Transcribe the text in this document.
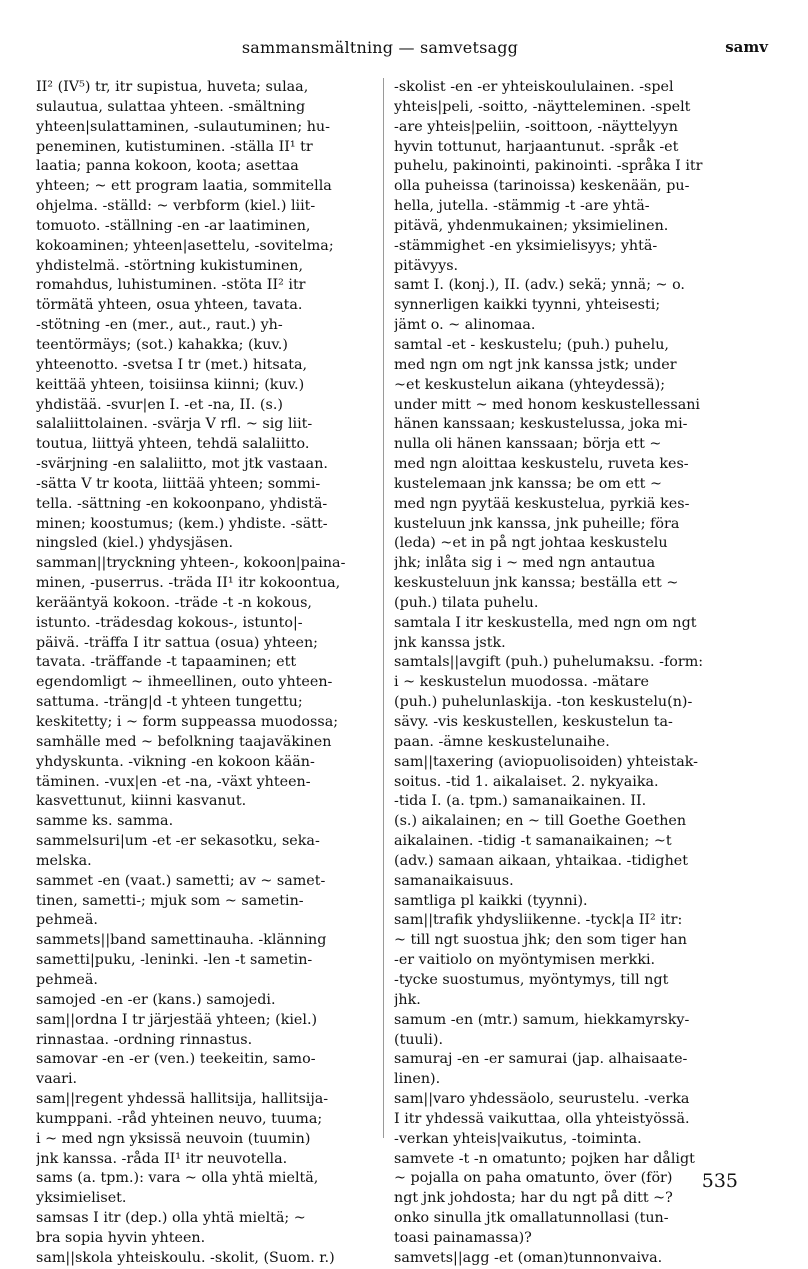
sammansmältning — samvetsagg	samv
II² (IV⁵) tr, itr supistua, huveta; sulaa,
sulautua, sulattaa yhteen. -smältning
yhteen|sulattaminen, -sulautuminen; hu-
peneminen, kutistuminen. -ställa II¹ tr
laatia; panna kokoon, koota; asettaa
yhteen; ~ ett program laatia, sommitella
ohjelma. -ställd: ~ verbform (kiel.) liit-
tomuoto. -ställning -en -ar laatiminen,
kokoaminen; yhteen|asettelu, -sovitelma;
yhdistelmä. -störtning kukistuminen,
romahdus, luhistuminen. -stöta II² itr
törmätä yhteen, osua yhteen, tavata.
-stötning -en (mer., aut., raut.) yh-
teentörmäys; (sot.) kahakka; (kuv.)
yhteenotto. -svetsa I tr (met.) hitsata,
keittää yhteen, toisiinsa kiinni; (kuv.)
yhdistää. -svur|en I. -et -na, II. (s.)
salaliittolainen. -svärja V rfl. ~ sig liit-
toutua, liittyä yhteen, tehdä salaliitto.
-svärjning -en salaliitto, mot jtk vastaan.
-sätta V tr koota, liittää yhteen; sommi-
tella. -sättning -en kokoonpano, yhdistä-
minen; koostumus; (kem.) yhdiste. -sätt-
ningsled (kiel.) yhdysjäsen.
samman||tryckning yhteen-, kokoon|paina-
minen, -puserrus. -träda II¹ itr kokoontua,
kerääntyä kokoon. -träde -t -n kokous,
istunto. -trädesdag kokous-, istunto|-
päivä. -träffa I itr sattua (osua) yhteen;
tavata. -träffande -t tapaaminen; ett
egendomligt ~ ihmeellinen, outo yhteen-
sattuma. -träng|d -t yhteen tungettu;
keskitetty; i ~ form suppeassa muodossa;
samhälle med ~ befolkning taajaväkinen
yhdyskunta. -vikning -en kokoon kään-
täminen. -vux|en -et -na, -växt yhteen-
kasvettunut, kiinni kasvanut.
samme ks. samma.
sammelsuri|um -et -er sekasotku, seka-
melska.
sammet -en (vaat.) sametti; av ~ samet-
tinen, sametti-; mjuk som ~ sametin-
pehmeä.
sammets||band samettinauha. -klänning
sametti|puku, -leninki. -len -t sametin-
pehmeä.
samojed -en -er (kans.) samojedi.
sam||ordna I tr järjestää yhteen; (kiel.)
rinnastaa. -ordning rinnastus.
samovar -en -er (ven.) teekeitin, samo-
vaari.
sam||regent yhdessä hallitsija, hallitsija-
kumppani. -råd yhteinen neuvo, tuuma;
i ~ med ngn yksissä neuvoin (tuumin)
jnk kanssa. -råda II¹ itr neuvotella.
sams (a. tpm.): vara ~ olla yhtä mieltä,
yksimieliset.
samsas I itr (dep.) olla yhtä mieltä; ~
bra sopia hyvin yhteen.
sam||skola yhteiskoulu. -skolit, (Suom. r.)
-skolist -en -er yhteiskoululainen. -spel
yhteis|peli, -soitto, -näytteleminen. -spelt
-are yhteis|peliin, -soittoon, -näyttelyyn
hyvin tottunut, harjaantunut. -språk -et
puhelu, pakinointi, pakinointi. -språka I itr
olla puheissa (tarinoissa) keskenään, pu-
hella, jutella. -stämmig -t -are yhtä-
pitävä, yhdenmukainen; yksimielinen.
-stämmighet -en yksimielisyys; yhtä-
pitävyys.
samt I. (konj.), II. (adv.) sekä; ynnä; ~ o.
synnerligen kaikki tyynni, yhteisesti;
jämt o. ~ alinomaa.
samtal -et - keskustelu; (puh.) puhelu,
med ngn om ngt jnk kanssa jstk; under
~et keskustelun aikana (yhteydessä);
under mitt ~ med honom keskustellessani
hänen kanssaan; keskustelussa, joka mi-
nulla oli hänen kanssaan; börja ett ~
med ngn aloittaa keskustelu, ruveta kes-
kustelemaan jnk kanssa; be om ett ~
med ngn pyytää keskustelua, pyrkiä kes-
kusteluun jnk kanssa, jnk puheille; föra
(leda) ~et in på ngt johtaa keskustelu
jhk; inlåta sig i ~ med ngn antautua
keskusteluun jnk kanssa; beställa ett ~
(puh.) tilata puhelu.
samtala I itr keskustella, med ngn om ngt
jnk kanssa jstk.
samtals||avgift (puh.) puhelumaksu. -form:
i ~ keskustelun muodossa. -mätare
(puh.) puhelunlaskija. -ton keskustelu(n)-
sävy. -vis keskustellen, keskustelun ta-
paan. -ämne keskustelunaihe.
sam||taxering (aviopuolisoiden) yhteistak-
soitus. -tid 1. aikalaiset. 2. nykyaika.
-tida I. (a. tpm.) samanaikainen. II.
(s.) aikalainen; en ~ till Goethe Goethen
aikalainen. -tidig -t samanaikainen; ~t
(adv.) samaan aikaan, yhtaikaa. -tidighet
samanaikaisuus.
samtliga pl kaikki (tyynni).
sam||trafik yhdysliikenne. -tyck|a II² itr:
~ till ngt suostua jhk; den som tiger han
-er vaitiolo on myöntymisen merkki.
-tycke suostumus, myöntymys, till ngt
jhk.
samum -en (mtr.) samum, hiekkamyrsky-
(tuuli).
samuraj -en -er samurai (jap. alhaisaate-
linen).
sam||varo yhdessäolo, seurustelu. -verka
I itr yhdessä vaikuttaa, olla yhteistyössä.
-verkan yhteis|vaikutus, -toiminta.
samvete -t -n omatunto; pojken har dåligt
~ pojalla on paha omatunto, över (för)
ngt jnk johdosta; har du ngt på ditt ~?
onko sinulla jtk omallatunnollasi (tun-
toasi painamassa)?
samvets||agg -et (oman)tunnonvaiva.
535
